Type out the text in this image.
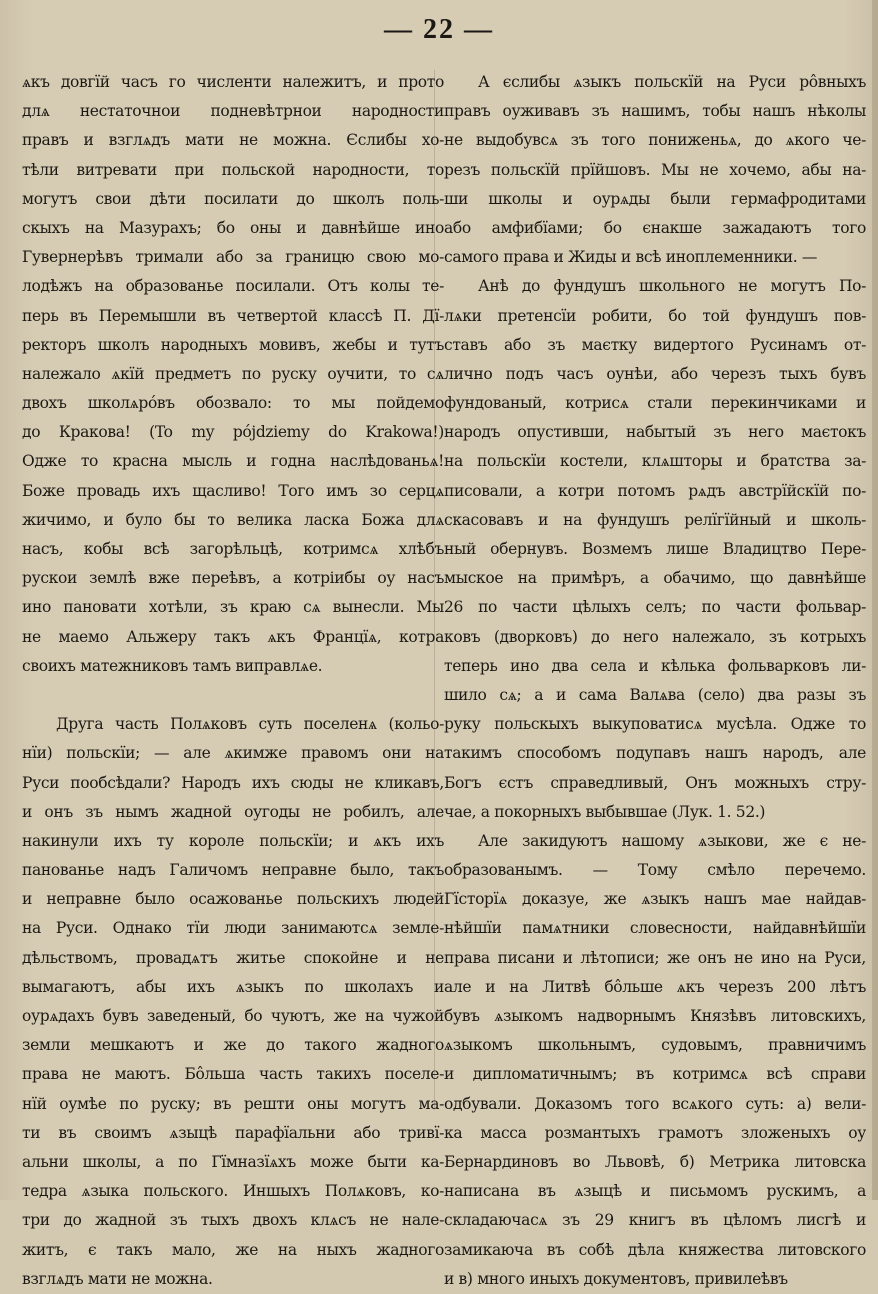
— 22 —
ѧкъ довгїй часъ го численти належитъ, и прото
длѧ нестаточнои подневѣтрнои народности
правъ и взглѧдъ мати не можна. Єслибы хо-
тѣли витревати при польской народности, то
могутъ свои дѣти посилати до школъ поль-
скыхъ на Мазурахъ; бо оны и давнѣйше ино
Гувернерѣвъ тримали або за границю свою мо-
лодѣжъ на образованье посилали. Отъ колы те-
перь въ Перемышли въ четвертой классѣ П. Дї-
ректоръ школъ народныхъ мовивъ, жебы и тутъ
належало ѧкїй предметъ по руску оучити, то сѧ
двохъ школѧрóвъ обозвало: то мы пойдемо
до Кракова! (To my pójdziemy do Krakowa!)
Оджe то красна мысль и годна наслѣдованьѧ!
Боже провадь ихъ щасливо! Того имъ зо серцѧ
жичимо, и було бы то велика ласка Божа длѧ
насъ, кобы всѣ загорѣльцѣ, котримсѧ хлѣбъ
рускои землѣ вже переѣвъ, а котрiибы оу насъ
ино пановати хотѣли, зъ краю сѧ вынесли. Мы
не маемо Альжеру такъ ѧкъ Францїѧ, котра
своихъ матежниковъ тамъ виправлѧе.
Друга часть Полѧковъ суть поселенѧ (кольо-
нїи) польскїи; — але ѧкимже правомъ они на
Руси пообсѣдали? Народъ ихъ сюды не кликавъ,
и онъ зъ нымъ жадной оугоды не робилъ, але
накинули ихъ ту короле польскїи; и ѧкъ ихъ
панованье надъ Галичомъ неправне было, такъ
и неправне было осажованье польскихъ людей
на Руси. Однако тїи люди занимаютсѧ земле-
дѣльствомъ, провадѧтъ житье спокойне и не
вымагаютъ, абы ихъ ѧзыкъ по школахъ и
оурѧдахъ бувъ заведеный, бо чуютъ, же на чужой
земли мешкаютъ и же до такого жадного
права не маютъ. Бôльша часть такихъ поселе-
нїй оумѣе по руску; въ решти оны могутъ ма-
ти въ своимъ ѧзыцѣ парафїальни або тривї-
альни школы, а по Гїмназїѧхъ може быти ка-
тедра ѧзыка польского. Иншыхъ Полѧковъ, ко-
три до жадной зъ тыхъ двохъ клѧсъ не нале-
житъ, є такъ мало, же на ныхъ жадного
взглѧдъ мати не можна.
А єслибы ѧзыкъ польскїй на Руси рôвныхъ
правъ оуживавъ зъ нашимъ, тобы нашъ нѣколы
не выдобувсѧ зъ того пониженьѧ, до ѧкого че-
резъ польскїй прїйшовъ. Мы не хочемо, абы на-
ши школы и оурѧды были гермафродитами
або амфибїами; бо єнакше зажадаютъ того
самого права и Жиды и всѣ иноплеменники. —
Анѣ до фундушъ школьного не могутъ По-
лѧки претенсїи робити, бо той фундушъ пов-
ставъ або зъ маєтку видертого Русинамъ от-
лично подъ часъ оунѣи, або черезъ тыхъ бувъ
фундованый, котрисѧ стали перекинчиками и
народъ опустивши, набытый зъ него маєтокъ
на польскїи костели, клѧшторы и братства за-
писовали, а котри потомъ рѧдъ австрїйскїй по-
скасовавъ и на фундушъ релїгїйный и школь-
ный обернувъ. Возмемъ лише Владицтво Пере-
мыское на примѣръ, а обачимо, що давнѣйше
26 по части цѣлыхъ селъ; по части фольвар-
ковъ (дворковъ) до него належало, зъ котрыхъ
теперь ино два села и кѣлька фольварковъ ли-
шило сѧ; а и сама Валѧва (село) два разы зъ
руку польскыхъ выкуповатисѧ мусѣла. Оджe то
такимъ способомъ подупавъ нашъ народъ, але
Богъ єстъ справедливый, Онъ можныхъ стру-
чае, а покорныхъ выбывшае (Лук. 1. 52.)
Але закидуютъ нашому ѧзыкови, же є не-
образованымъ. — Тому смѣло перечемо.
Гїсторїѧ доказуе, же ѧзыкъ нашъ мае найдав-
нѣйшїи памѧтники словесности, найдавнѣйшїи
права писани и лѣтописи; же онъ не ино на Руси,
але и на Литвѣ бôльше ѧкъ черезъ 200 лѣтъ
бувъ ѧзыкомъ надворнымъ Князѣвъ литовскихъ,
ѧзыкомъ школьнымъ, судовымъ, правничимъ
и дипломатичнымъ; въ котримсѧ всѣ справи
одбували. Доказомъ того всѧкого суть: а) вели-
ка масса розмантыхъ грамотъ зложеныхъ оу
Бернардиновъ во Львовѣ, б) Метрика литовска
написана въ ѧзыцѣ и письмомъ рускимъ, а
складаючасѧ зъ 29 книгъ въ цѣломъ лисгѣ и
замикаюча въ собѣ дѣла княжества литовского
и в) много иныхъ документовъ, привилеѣвъ
